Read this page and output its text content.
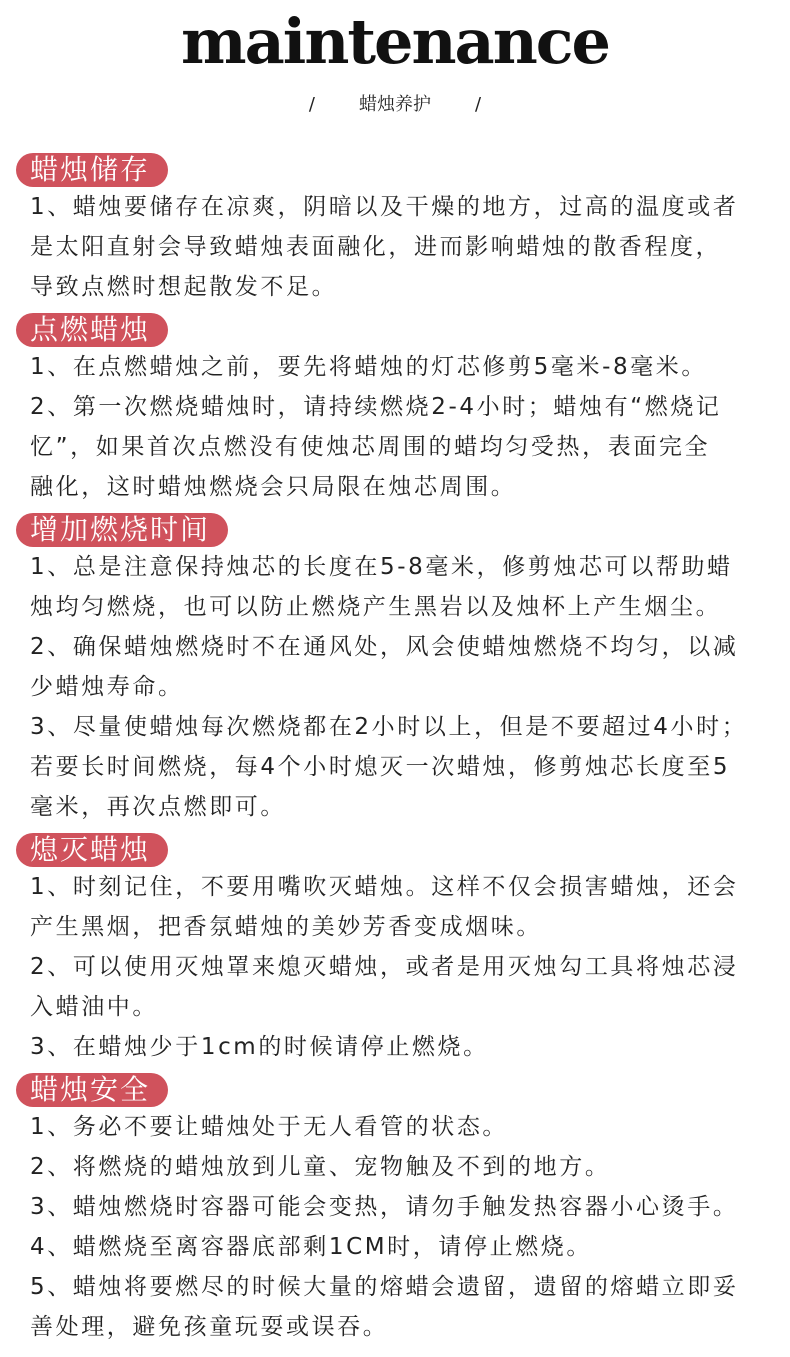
maintenance
/ 蜡烛养护 /
蜡烛储存
1、蜡烛要储存在凉爽，阴暗以及干燥的地方，过高的温度或者
是太阳直射会导致蜡烛表面融化，进而影响蜡烛的散香程度，
导致点燃时想起散发不足。
点燃蜡烛
1、在点燃蜡烛之前，要先将蜡烛的灯芯修剪5毫米-8毫米。
2、第一次燃烧蜡烛时，请持续燃烧2-4小时；蜡烛有“燃烧记
忆”，如果首次点燃没有使烛芯周围的蜡均匀受热，表面完全
融化，这时蜡烛燃烧会只局限在烛芯周围。
增加燃烧时间
1、总是注意保持烛芯的长度在5-8毫米，修剪烛芯可以帮助蜡
烛均匀燃烧，也可以防止燃烧产生黑岩以及烛杯上产生烟尘。
2、确保蜡烛燃烧时不在通风处，风会使蜡烛燃烧不均匀，以减
少蜡烛寿命。
3、尽量使蜡烛每次燃烧都在2小时以上，但是不要超过4小时；
若要长时间燃烧，每4个小时熄灭一次蜡烛，修剪烛芯长度至5
毫米，再次点燃即可。
熄灭蜡烛
1、时刻记住，不要用嘴吹灭蜡烛。这样不仅会损害蜡烛，还会
产生黑烟，把香氛蜡烛的美妙芳香变成烟味。
2、可以使用灭烛罩来熄灭蜡烛，或者是用灭烛勾工具将烛芯浸
入蜡油中。
3、在蜡烛少于1cm的时候请停止燃烧。
蜡烛安全
1、务必不要让蜡烛处于无人看管的状态。
2、将燃烧的蜡烛放到儿童、宠物触及不到的地方。
3、蜡烛燃烧时容器可能会变热，请勿手触发热容器小心烫手。
4、蜡燃烧至离容器底部剩1CM时，请停止燃烧。
5、蜡烛将要燃尽的时候大量的熔蜡会遗留，遗留的熔蜡立即妥
善处理，避免孩童玩耍或误吞。
